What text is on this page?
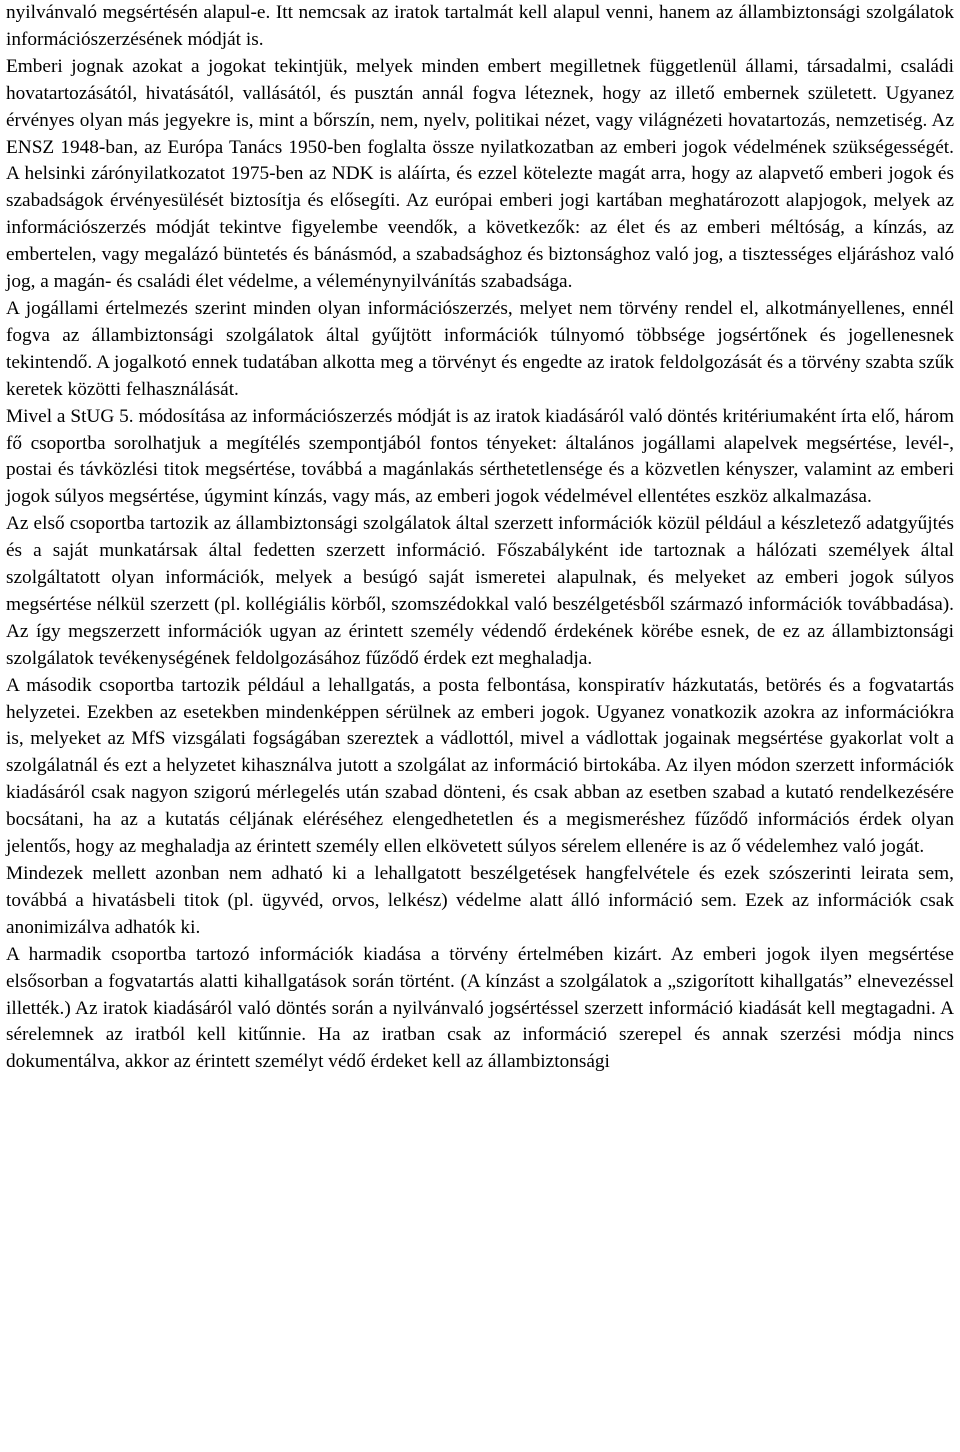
nyilvánvaló megsértésén alapul-e. Itt nemcsak az iratok tartalmát kell alapul venni, hanem az állambiztonsági szolgálatok információszerzésének módját is.

Emberi jognak azokat a jogokat tekintjük, melyek minden embert megilletnek függetlenül állami, társadalmi, családi hovatartozásától, hivatásától, vallásától, és pusztán annál fogva léteznek, hogy az illető embernek született. Ugyanez érvényes olyan más jegyekre is, mint a bőrszín, nem, nyelv, politikai nézet, vagy világnézeti hovatartozás, nemzetiség. Az ENSZ 1948-ban, az Európa Tanács 1950-ben foglalta össze nyilatkozatban az emberi jogok védelmének szükségességét. A helsinki zárónyilatkozatot 1975-ben az NDK is aláírta, és ezzel kötelezte magát arra, hogy az alapvető emberi jogok és szabadságok érvényesülését biztosítja és elősegíti. Az európai emberi jogi kartában meghatározott alapjogok, melyek az információszerzés módját tekintve figyelembe veendők, a következők: az élet és az emberi méltóság, a kínzás, az embertelen, vagy megalázó büntetés és bánásmód, a szabadsághoz és biztonsághoz való jog, a tisztességes eljáráshoz való jog, a magán- és családi élet védelme, a véleménynyilvánítás szabadsága.

A jogállami értelmezés szerint minden olyan információszerzés, melyet nem törvény rendel el, alkotmányellenes, ennél fogva az állambiztonsági szolgálatok által gyűjtött információk túlnyomó többsége jogsértőnek és jogellenesnek tekintendő. A jogalkotó ennek tudatában alkotta meg a törvényt és engedte az iratok feldolgozását és a törvény szabta szűk keretek közötti felhasználását.

Mivel a StUG 5. módosítása az információszerzés módját is az iratok kiadásáról való döntés kritériumaként írta elő, három fő csoportba sorolhatjuk a megítélés szempontjából fontos tényeket: általános jogállami alapelvek megsértése, levél-, postai és távközlési titok megsértése, továbbá a magánlakás sérthetetlensége és a közvetlen kényszer, valamint az emberi jogok súlyos megsértése, úgymint kínzás, vagy más, az emberi jogok védelmével ellentétes eszköz alkalmazása.

Az első csoportba tartozik az állambiztonsági szolgálatok által szerzett információk közül például a készletező adatgyűjtés és a saját munkatársak által fedetten szerzett információ. Főszabályként ide tartoznak a hálózati személyek által szolgáltatott olyan információk, melyek a besúgó saját ismeretei alapulnak, és melyeket az emberi jogok súlyos megsértése nélkül szerzett (pl. kollégiális körből, szomszédokkal való beszélgetésből származó információk továbbadása). Az így megszerzett információk ugyan az érintett személy védendő érdekének körébe esnek, de ez az állambiztonsági szolgálatok tevékenységének feldolgozásához fűződő érdek ezt meghaladja.

A második csoportba tartozik például a lehallgatás, a posta felbontása, konspiratív házkutatás, betörés és a fogvatartás helyzetei. Ezekben az esetekben mindenképpen sérülnek az emberi jogok. Ugyanez vonatkozik azokra az információkra is, melyeket az MfS vizsgálati fogságában szereztek a vádlottól, mivel a vádlottak jogainak megsértése gyakorlat volt a szolgálatnál és ezt a helyzetet kihasználva jutott a szolgálat az információ birtokába. Az ilyen módon szerzett információk kiadásáról csak nagyon szigorú mérlegelés után szabad dönteni, és csak abban az esetben szabad a kutató rendelkezésére bocsátani, ha az a kutatás céljának eléréséhez elengedhetetlen és a megismeréshez fűződő információs érdek olyan jelentős, hogy az meghaladja az érintett személy ellen elkövetett súlyos sérelem ellenére is az ő védelemhez való jogát.

Mindezek mellett azonban nem adható ki a lehallgatott beszélgetések hangfelvétele és ezek szószerinti leirata sem, továbbá a hivatásbeli titok (pl. ügyvéd, orvos, lelkész) védelme alatt álló információ sem. Ezek az információk csak anonimizálva adhatók ki.

A harmadik csoportba tartozó információk kiadása a törvény értelmében kizárt. Az emberi jogok ilyen megsértése elsősorban a fogvatartás alatti kihallgatások során történt. (A kínzást a szolgálatok a „szigorított kihallgatás” elnevezéssel illették.) Az iratok kiadásáról való döntés során a nyilvánvaló jogsértéssel szerzett információ kiadását kell megtagadni. A sérelemnek az iratból kell kitűnnie. Ha az iratban csak az információ szerepel és annak szerzési módja nincs dokumentálva, akkor az érintett személyt védő érdeket kell az állambiztonsági
